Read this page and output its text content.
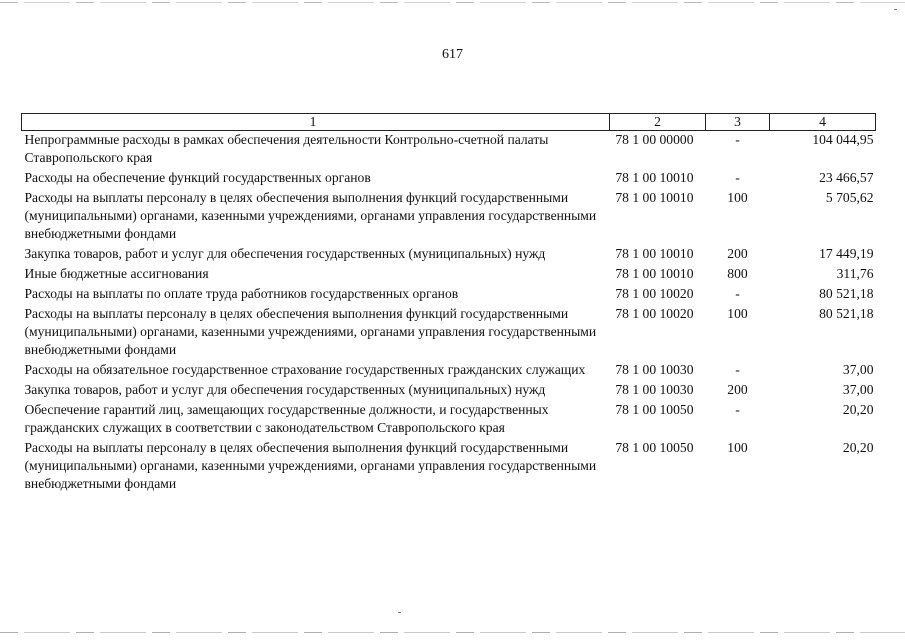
617
1	2	3	4
Непрограммные расходы в рамках обеспечения деятельности Контрольно-счетной палаты Ставропольского края	78 1 00 00000	-	104 044,95
Расходы на обеспечение функций государственных органов	78 1 00 10010	-	23 466,57
Расходы на выплаты персоналу в целях обеспечения выполнения функций государственными (муниципальными) органами, казенными учреждениями, органами управления государственными внебюджетными фондами	78 1 00 10010	100	5 705,62
Закупка товаров, работ и услуг для обеспечения государственных (муниципальных) нужд	78 1 00 10010	200	17 449,19
Иные бюджетные ассигнования	78 1 00 10010	800	311,76
Расходы на выплаты по оплате труда работников государственных органов	78 1 00 10020	-	80 521,18
Расходы на выплаты персоналу в целях обеспечения выполнения функций государственными (муниципальными) органами, казенными учреждениями, органами управления государственными внебюджетными фондами	78 1 00 10020	100	80 521,18
Расходы на обязательное государственное страхование государственных гражданских служащих	78 1 00 10030	-	37,00
Закупка товаров, работ и услуг для обеспечения государственных (муниципальных) нужд	78 1 00 10030	200	37,00
Обеспечение гарантий лиц, замещающих государственные должности, и государственных гражданских служащих в соответствии с законодательством Ставропольского края	78 1 00 10050	-	20,20
Расходы на выплаты персоналу в целях обеспечения выполнения функций государственными (муниципальными) органами, казенными учреждениями, органами управления государственными внебюджетными фондами	78 1 00 10050	100	20,20
